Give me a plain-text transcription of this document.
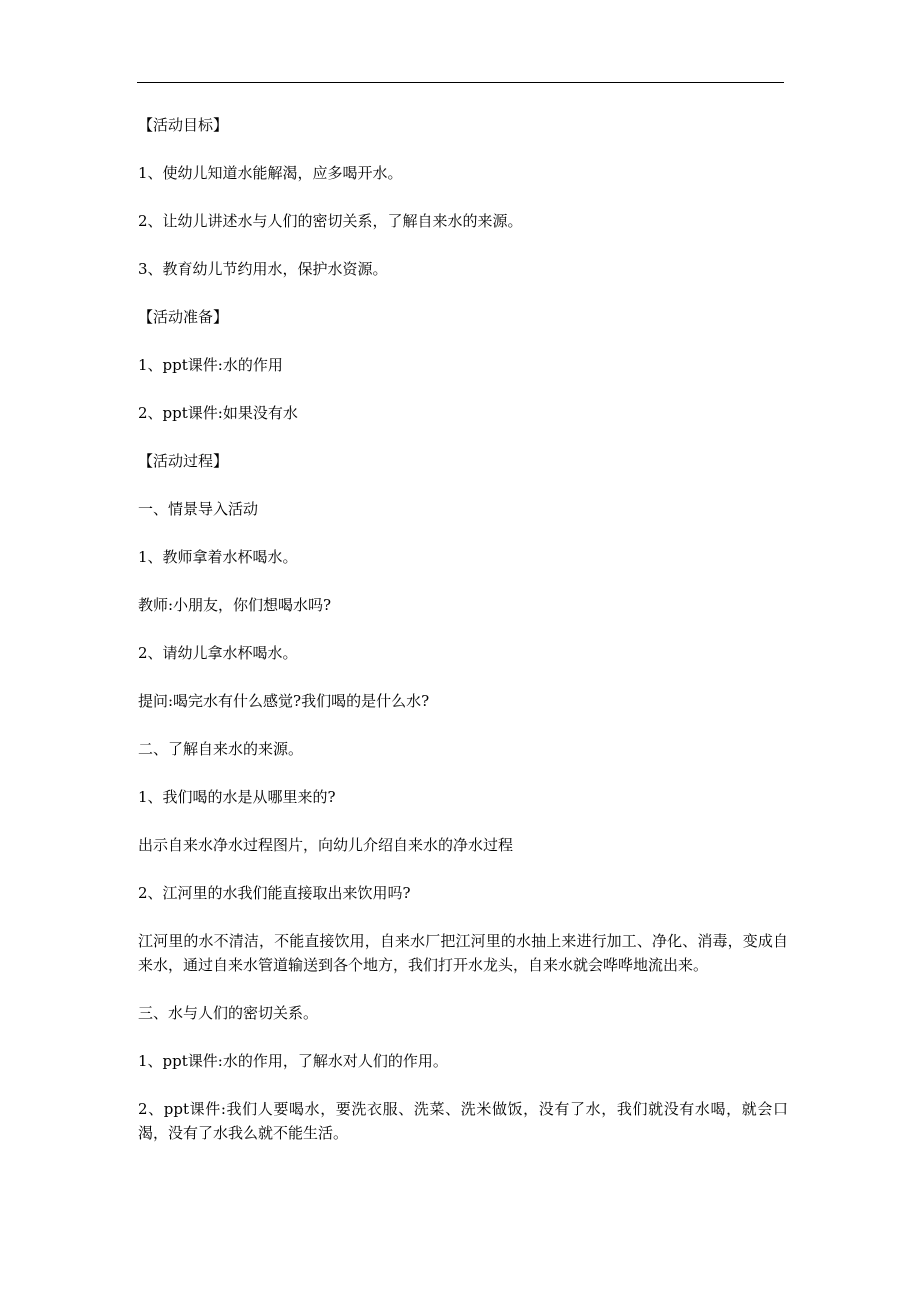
【活动目标】

1、使幼儿知道水能解渴，应多喝开水。

2、让幼儿讲述水与人们的密切关系，了解自来水的来源。

3、教育幼儿节约用水，保护水资源。

【活动准备】

1、ppt课件:水的作用

2、ppt课件:如果没有水

【活动过程】

一、情景导入活动

1、教师拿着水杯喝水。

教师:小朋友，你们想喝水吗?

2、请幼儿拿水杯喝水。

提问:喝完水有什么感觉?我们喝的是什么水?

二、了解自来水的来源。

1、我们喝的水是从哪里来的?

出示自来水净水过程图片，向幼儿介绍自来水的净水过程

2、江河里的水我们能直接取出来饮用吗?

江河里的水不清洁，不能直接饮用，自来水厂把江河里的水抽上来进行加工、净化、消毒，变成自来水，通过自来水管道输送到各个地方，我们打开水龙头，自来水就会哗哗地流出来。

三、水与人们的密切关系。

1、ppt课件:水的作用，了解水对人们的作用。

2、ppt课件:我们人要喝水，要洗衣服、洗菜、洗米做饭，没有了水，我们就没有水喝，就会口渴，没有了水我么就不能生活。
